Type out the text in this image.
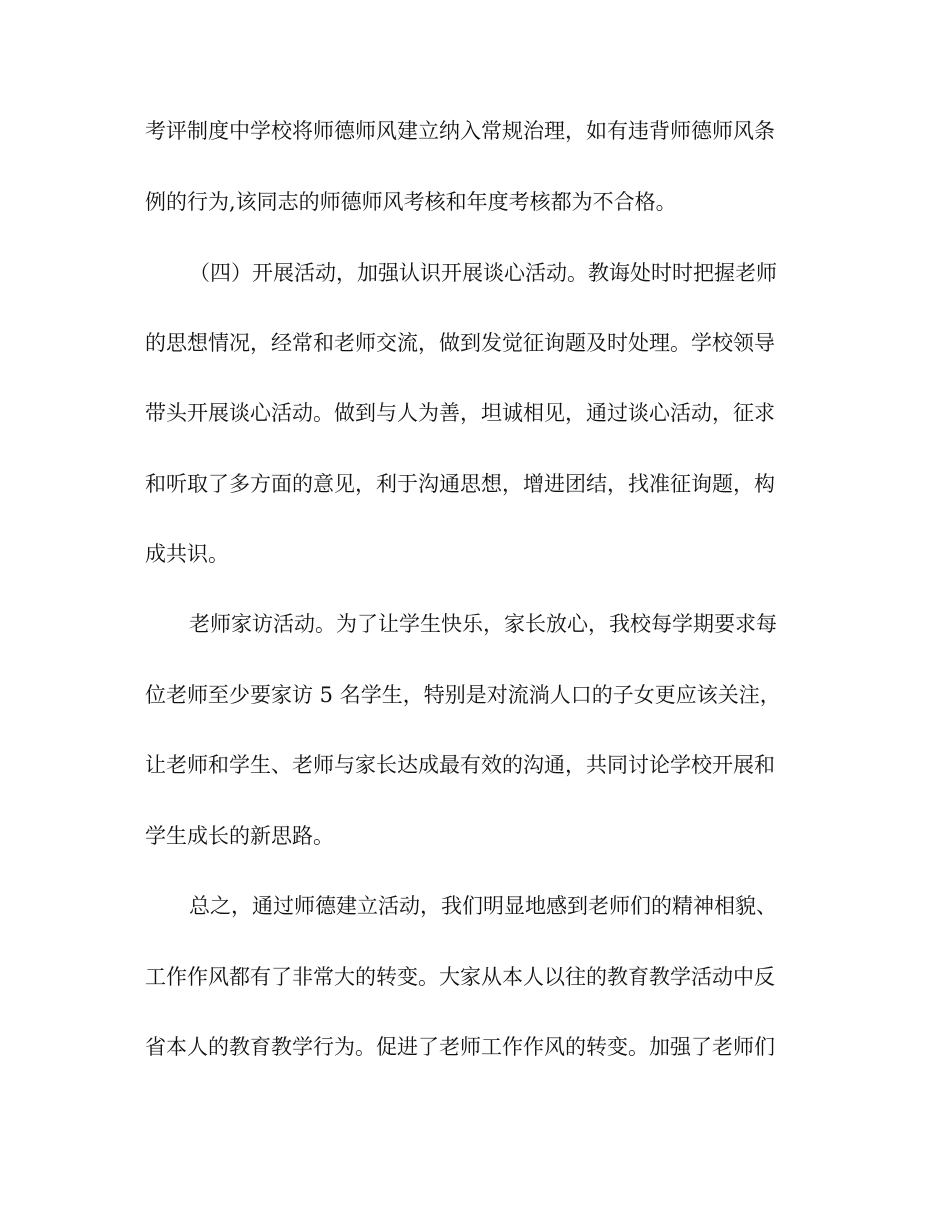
考评制度中学校将师德师风建立纳入常规治理，如有违背师德师风条
例的行为,该同志的师德师风考核和年度考核都为不合格。
（四）开展活动，加强认识开展谈心活动。教诲处时时把握老师
的思想情况，经常和老师交流，做到发觉征询题及时处理。学校领导
带头开展谈心活动。做到与人为善，坦诚相见，通过谈心活动，征求
和听取了多方面的意见，利于沟通思想，增进团结，找准征询题，构
成共识。
老师家访活动。为了让学生快乐，家长放心，我校每学期要求每
位老师至少要家访 5 名学生，特别是对流淌人口的子女更应该关注，
让老师和学生、老师与家长达成最有效的沟通，共同讨论学校开展和
学生成长的新思路。
总之，通过师德建立活动，我们明显地感到老师们的精神相貌、
工作作风都有了非常大的转变。大家从本人以往的教育教学活动中反
省本人的教育教学行为。促进了老师工作作风的转变。加强了老师们
